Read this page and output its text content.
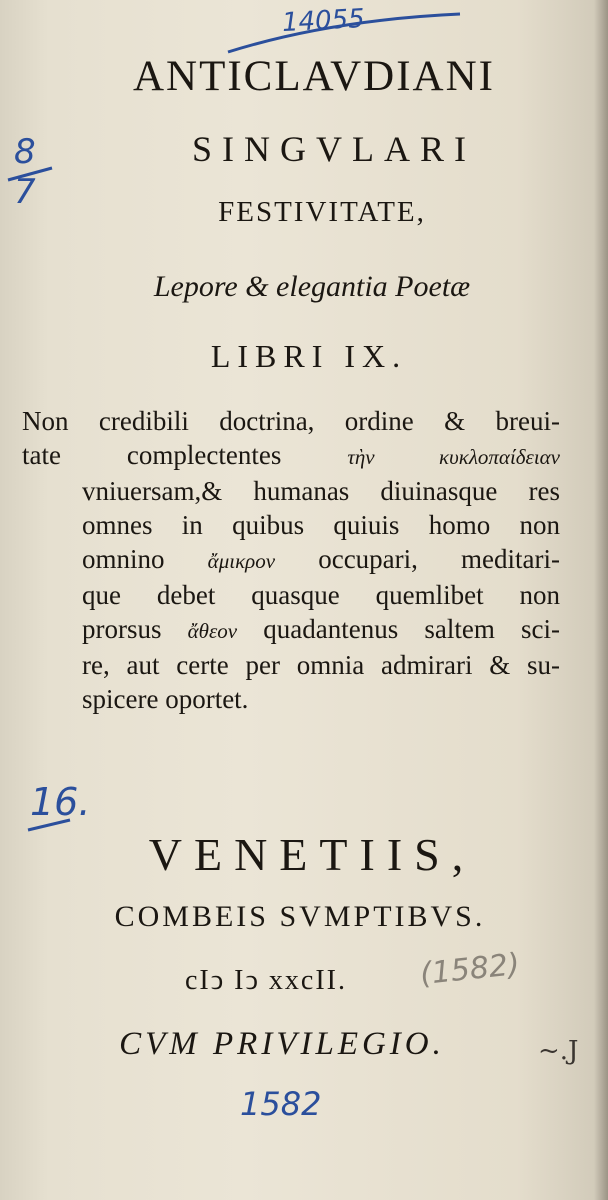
14055
8
7
ANTICLAVDIANI
SINGVLARI
FESTIVITATE,
Lepore & elegantia Poetæ
LIBRI IX.
Non credibili doctrina, ordine & breui-
tate complectentes	τὴν κυκλοπαίδειαν
vniuersam,& humanas diuinasque res
omnes in quibus quiuis homo non
omnino ἄμικρον occupari, meditari-
que debet quasque quemlibet non
prorsus ἄθεον quadantenus saltem sci-
re, aut certe per omnia admirari & su-
spicere oportet.
16.
VENETIIS,
COMBEIS SVMPTIBVS.
cIↄ Iↄ xxcII.	(1582)
CVM PRIVILEGIO.	~.J
1582
